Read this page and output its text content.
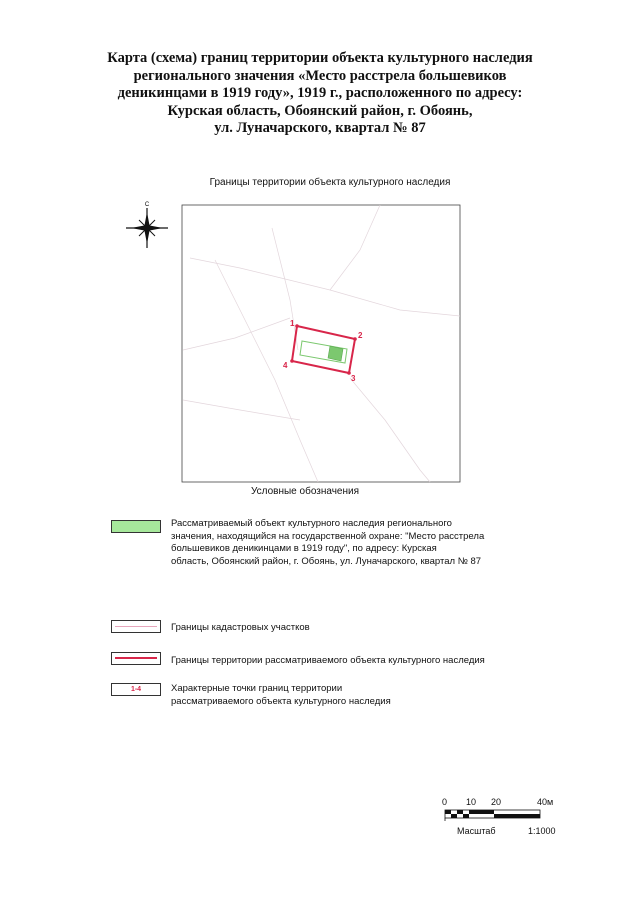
Карта (схема) границ территории объекта культурного наследия
регионального значения «Место расстрела большевиков
деникинцами в 1919 году», 1919 г., расположенного по адресу:
Курская область, Обоянский район, г. Обоянь,
ул. Луначарского, квартал № 87
Границы территории объекта культурного наследия
С
1
2
3
4
0 10 20	40м
Масштаб	1:1000
Условные обозначения
Рассматриваемый объект культурного наследия регионального
значения, находящийся на государственной охране: "Место расстрела
большевиков деникинцами в 1919 году", по адресу: Курская
область, Обоянский район, г. Обоянь, ул. Луначарского, квартал № 87
Границы кадастровых участков
Границы территории рассматриваемого объекта культурного наследия
1-4	Характерные точки границ территории
рассматриваемого объекта культурного наследия
